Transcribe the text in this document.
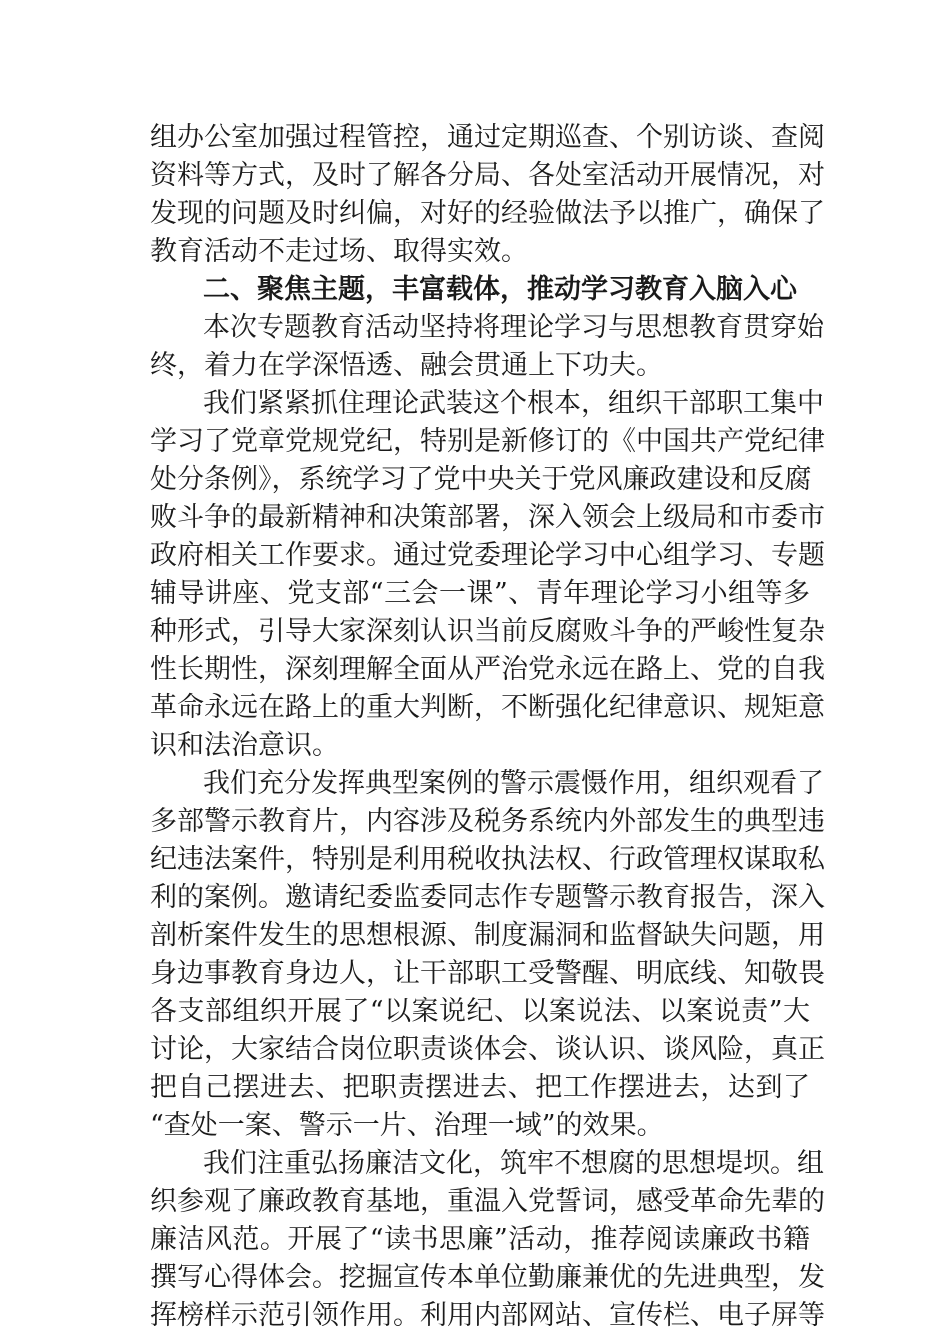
组办公室加强过程管控，通过定期巡查、个别访谈、查阅
资料等方式，及时了解各分局、各处室活动开展情况，对
发现的问题及时纠偏，对好的经验做法予以推广，确保了
教育活动不走过场、取得实效。
二、聚焦主题，丰富载体，推动学习教育入脑入心
本次专题教育活动坚持将理论学习与思想教育贯穿始
终，着力在学深悟透、融会贯通上下功夫。
我们紧紧抓住理论武装这个根本，组织干部职工集中
学习了党章党规党纪，特别是新修订的《中国共产党纪律
处分条例》，系统学习了党中央关于党风廉政建设和反腐
败斗争的最新精神和决策部署，深入领会上级局和市委市
政府相关工作要求。通过党委理论学习中心组学习、专题
辅导讲座、党支部“三会一课”、青年理论学习小组等多
种形式，引导大家深刻认识当前反腐败斗争的严峻性复杂
性长期性，深刻理解全面从严治党永远在路上、党的自我
革命永远在路上的重大判断，不断强化纪律意识、规矩意
识和法治意识。
我们充分发挥典型案例的警示震慑作用，组织观看了
多部警示教育片，内容涉及税务系统内外部发生的典型违
纪违法案件，特别是利用税收执法权、行政管理权谋取私
利的案例。邀请纪委监委同志作专题警示教育报告，深入
剖析案件发生的思想根源、制度漏洞和监督缺失问题，用
身边事教育身边人，让干部职工受警醒、明底线、知敬畏
各支部组织开展了“以案说纪、以案说法、以案说责”大
讨论，大家结合岗位职责谈体会、谈认识、谈风险，真正
把自己摆进去、把职责摆进去、把工作摆进去，达到了
“查处一案、警示一片、治理一域”的效果。
我们注重弘扬廉洁文化，筑牢不想腐的思想堤坝。组
织参观了廉政教育基地，重温入党誓词，感受革命先辈的
廉洁风范。开展了“读书思廉”活动，推荐阅读廉政书籍
撰写心得体会。挖掘宣传本单位勤廉兼优的先进典型，发
挥榜样示范引领作用。利用内部网站、宣传栏、电子屏等
